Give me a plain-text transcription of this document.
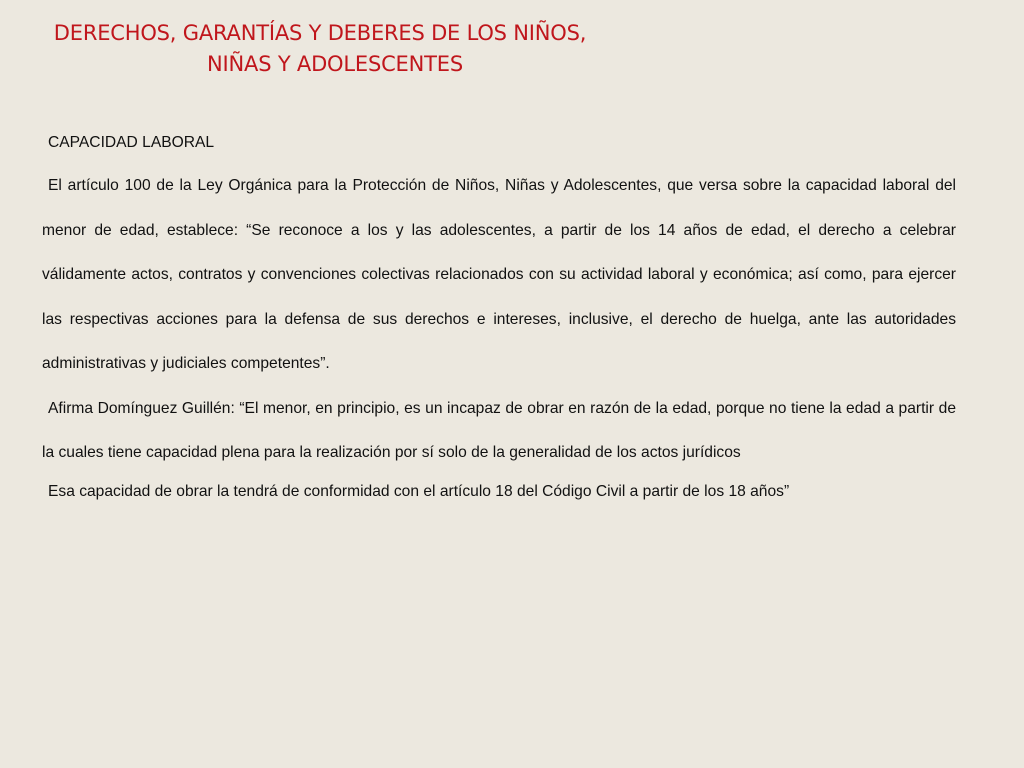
DERECHOS, GARANTÍAS Y DEBERES DE LOS NIÑOS,
NIÑAS Y ADOLESCENTES

CAPACIDAD LABORAL

El artículo 100 de la Ley Orgánica para la Protección de Niños, Niñas y Adolescentes, que versa sobre la capacidad laboral del menor de edad, establece: “Se reconoce a los y las adolescentes, a partir de los 14 años de edad, el derecho a celebrar válidamente actos, contratos y convenciones colectivas relacionados con su actividad laboral y económica; así como, para ejercer las respectivas acciones para la defensa de sus derechos e intereses, inclusive, el derecho de huelga, ante las autoridades administrativas y judiciales competentes”.

Afirma Domínguez Guillén: “El menor, en principio, es un incapaz de obrar en razón de la edad, porque no tiene la edad a partir de la cuales tiene capacidad plena para la realización por sí solo de la generalidad de los actos jurídicos

Esa capacidad de obrar la tendrá de conformidad con el artículo 18 del Código Civil a partir de los 18 años”
